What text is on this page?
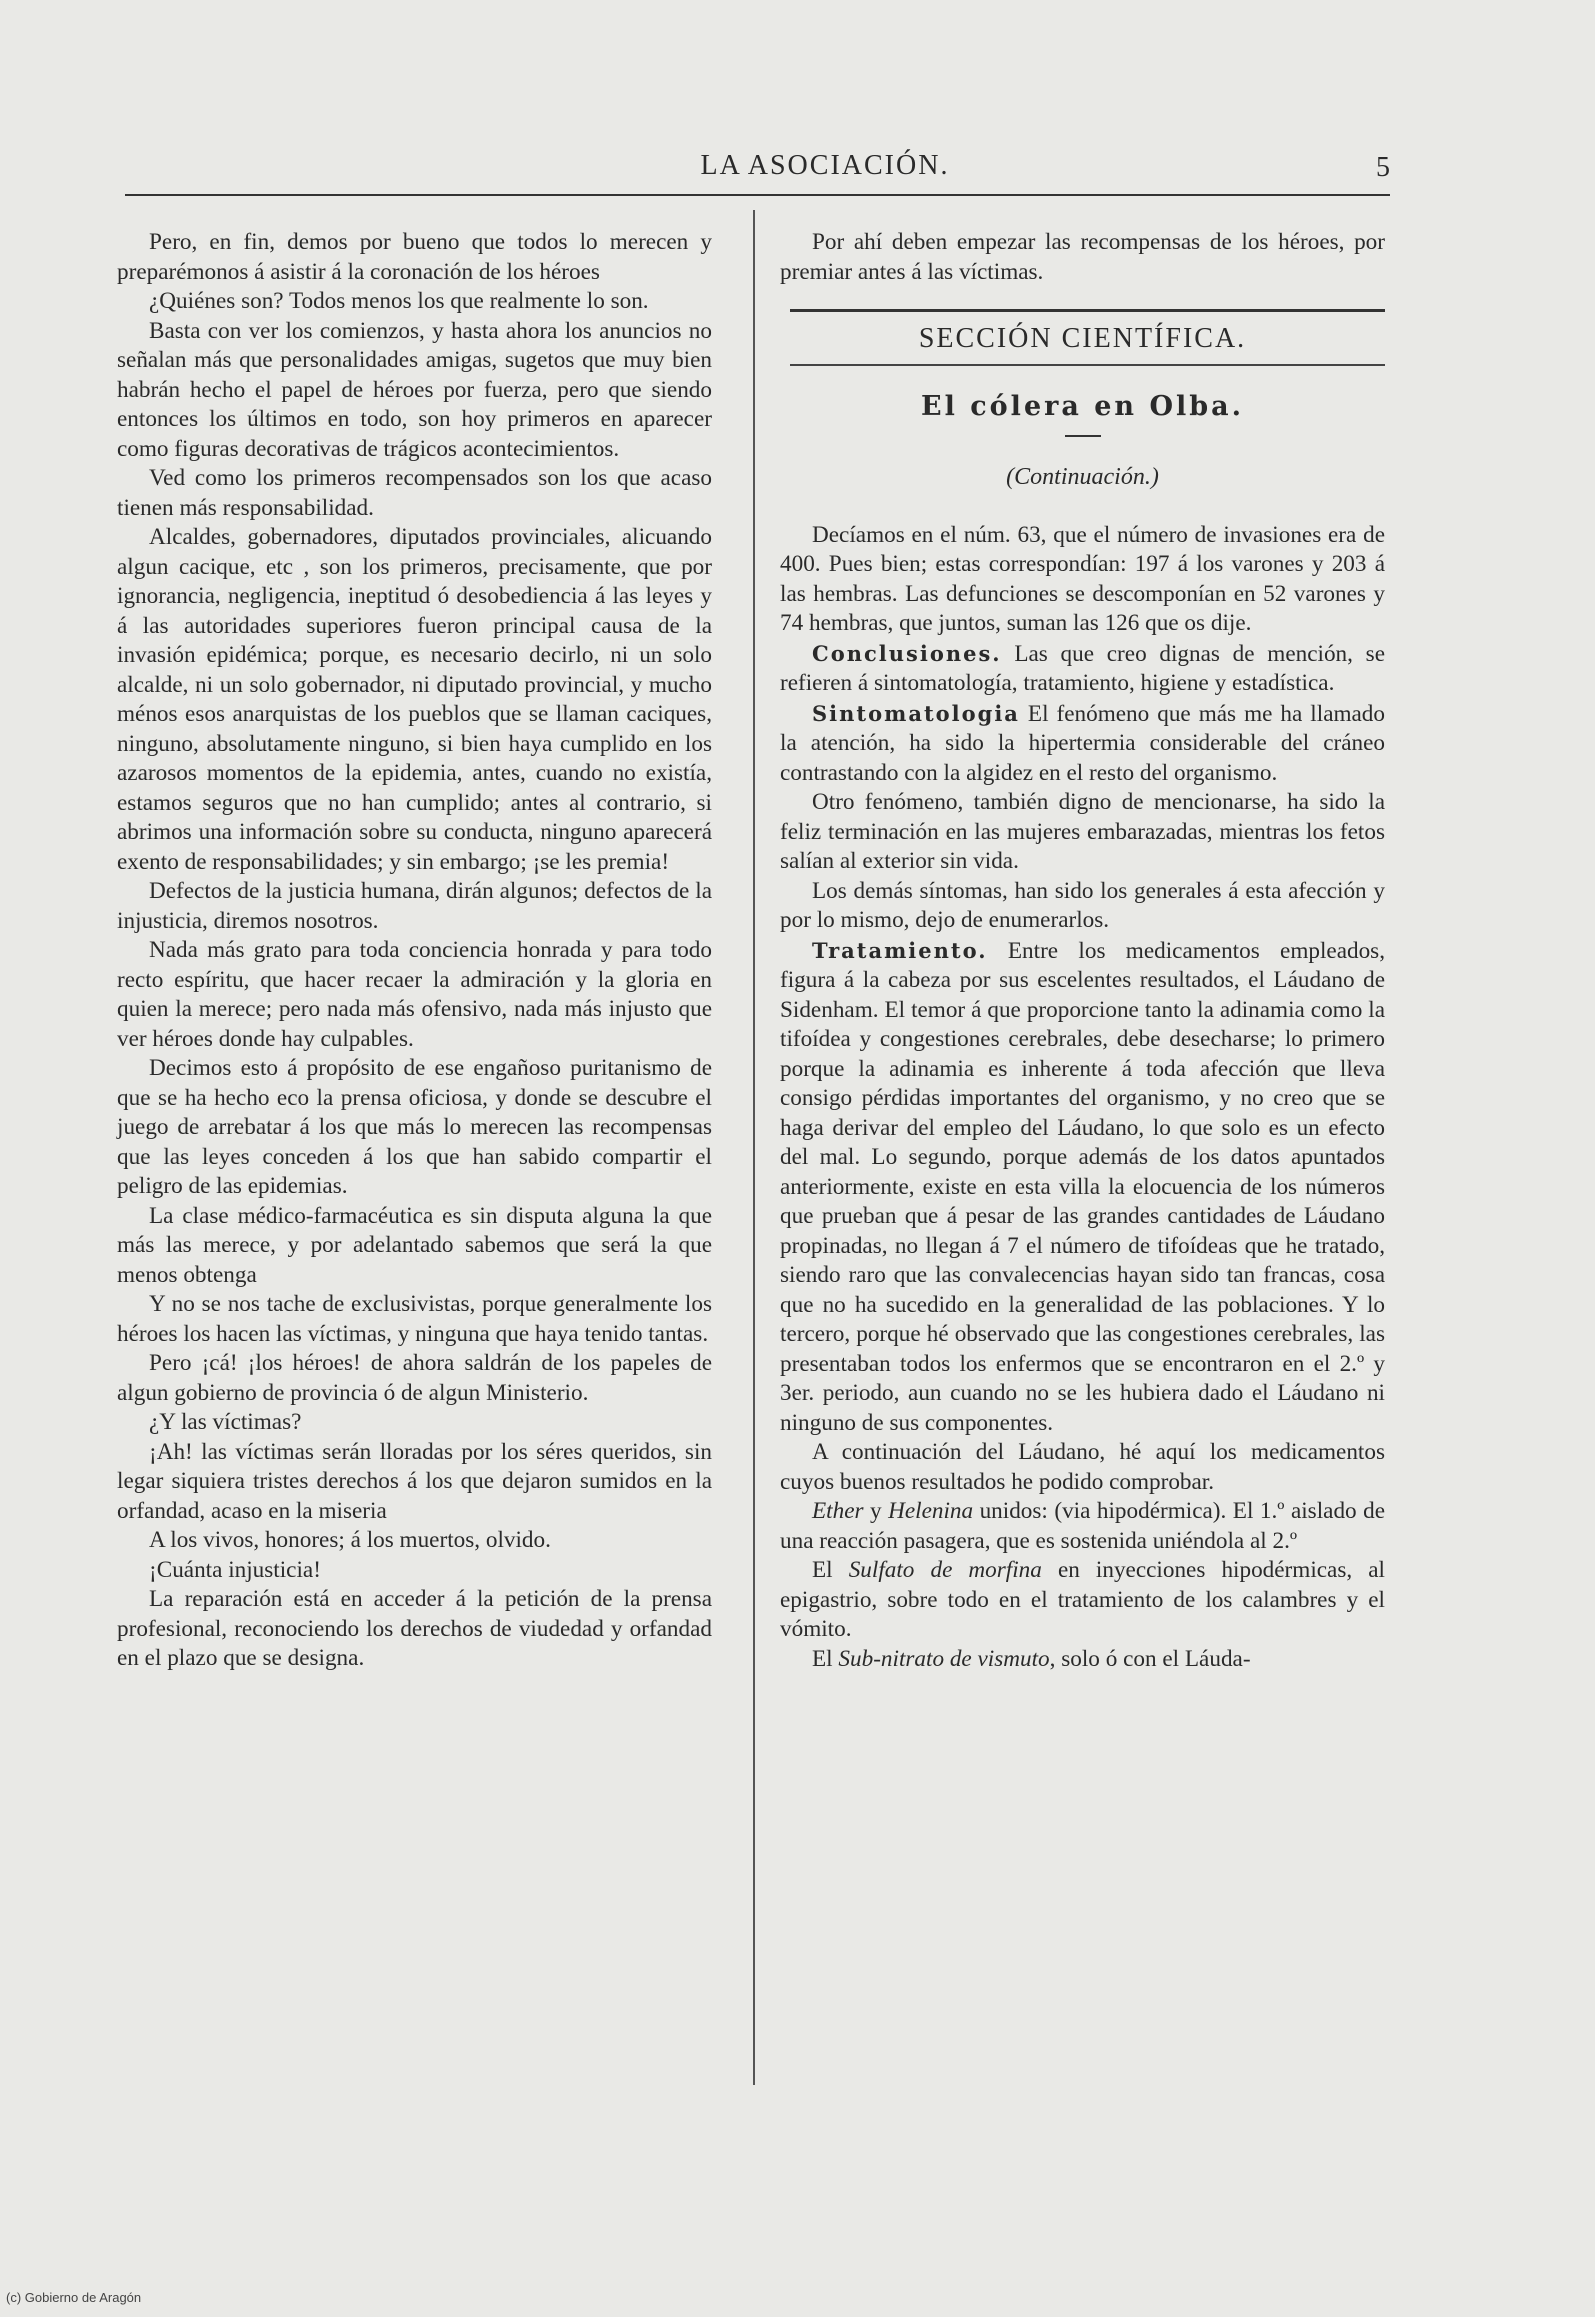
LA ASOCIACIÓN.	5

Pero, en fin, demos por bueno que todos lo merecen y preparémonos á asistir á la coronación de los héroes

¿Quiénes son? Todos menos los que realmente lo son.

Basta con ver los comienzos, y hasta ahora los anuncios no señalan más que personalidades amigas, sugetos que muy bien habrán hecho el papel de héroes por fuerza, pero que siendo entonces los últimos en todo, son hoy primeros en aparecer como figuras decorativas de trágicos acontecimientos.

Ved como los primeros recompensados son los que acaso tienen más responsabilidad.

Alcaldes, gobernadores, diputados provinciales, alicuando algun cacique, etc , son los primeros, precisamente, que por ignorancia, negligencia, ineptitud ó desobediencia á las leyes y á las autoridades superiores fueron principal causa de la invasión epidémica; porque, es necesario decirlo, ni un solo alcalde, ni un solo gobernador, ni diputado provincial, y mucho ménos esos anarquistas de los pueblos que se llaman caciques, ninguno, absolutamente ninguno, si bien haya cumplido en los azarosos momentos de la epidemia, antes, cuando no existía, estamos seguros que no han cumplido; antes al contrario, si abrimos una información sobre su conducta, ninguno aparecerá exento de responsabilidades; y sin embargo; ¡se les premia!

Defectos de la justicia humana, dirán algunos; defectos de la injusticia, diremos nosotros.

Nada más grato para toda conciencia honrada y para todo recto espíritu, que hacer recaer la admiración y la gloria en quien la merece; pero nada más ofensivo, nada más injusto que ver héroes donde hay culpables.

Decimos esto á propósito de ese engañoso puritanismo de que se ha hecho eco la prensa oficiosa, y donde se descubre el juego de arrebatar á los que más lo merecen las recompensas que las leyes conceden á los que han sabido compartir el peligro de las epidemias.

La clase médico-farmacéutica es sin disputa alguna la que más las merece, y por adelantado sabemos que será la que menos obtenga

Y no se nos tache de exclusivistas, porque generalmente los héroes los hacen las víctimas, y ninguna que haya tenido tantas.

Pero ¡cá! ¡los héroes! de ahora saldrán de los papeles de algun gobierno de provincia ó de algun Ministerio.

¿Y las víctimas?

¡Ah! las víctimas serán lloradas por los séres queridos, sin legar siquiera tristes derechos á los que dejaron sumidos en la orfandad, acaso en la miseria

A los vivos, honores; á los muertos, olvido.

¡Cuánta injusticia!

La reparación está en acceder á la petición de la prensa profesional, reconociendo los derechos de viudedad y orfandad en el plazo que se designa.

Por ahí deben empezar las recompensas de los héroes, por premiar antes á las víctimas.

SECCIÓN CIENTÍFICA.
El cólera en Olba.
(Continuación.)

Decíamos en el núm. 63, que el número de invasiones era de 400. Pues bien; estas correspondían: 197 á los varones y 203 á las hembras. Las defunciones se descomponían en 52 varones y 74 hembras, que juntos, suman las 126 que os dije.

Conclusiones. Las que creo dignas de mención, se refieren á sintomatología, tratamiento, higiene y estadística.

Sintomatologia El fenómeno que más me ha llamado la atención, ha sido la hipertermia considerable del cráneo contrastando con la algidez en el resto del organismo.

Otro fenómeno, también digno de mencionarse, ha sido la feliz terminación en las mujeres embarazadas, mientras los fetos salían al exterior sin vida.

Los demás síntomas, han sido los generales á esta afección y por lo mismo, dejo de enumerarlos.

Tratamiento. Entre los medicamentos empleados, figura á la cabeza por sus escelentes resultados, el Láudano de Sidenham. El temor á que proporcione tanto la adinamia como la tifoídea y congestiones cerebrales, debe desecharse; lo primero porque la adinamia es inherente á toda afección que lleva consigo pérdidas importantes del organismo, y no creo que se haga derivar del empleo del Láudano, lo que solo es un efecto del mal. Lo segundo, porque además de los datos apuntados anteriormente, existe en esta villa la elocuencia de los números que prueban que á pesar de las grandes cantidades de Láudano propinadas, no llegan á 7 el número de tifoídeas que he tratado, siendo raro que las convalecencias hayan sido tan francas, cosa que no ha sucedido en la generalidad de las poblaciones. Y lo tercero, porque hé observado que las congestiones cerebrales, las presentaban todos los enfermos que se encontraron en el 2.º y 3er. periodo, aun cuando no se les hubiera dado el Láudano ni ninguno de sus componentes.

A continuación del Láudano, hé aquí los medicamentos cuyos buenos resultados he podido comprobar.

Ether y Helenina unidos: (via hipodérmica). El 1.º aislado de una reacción pasagera, que es sostenida uniéndola al 2.º

El Sulfato de morfina en inyecciones hipodérmicas, al epigastrio, sobre todo en el tratamiento de los calambres y el vómito.

El Sub-nitrato de vismuto, solo ó con el Láuda-

(c) Gobierno de Aragón
